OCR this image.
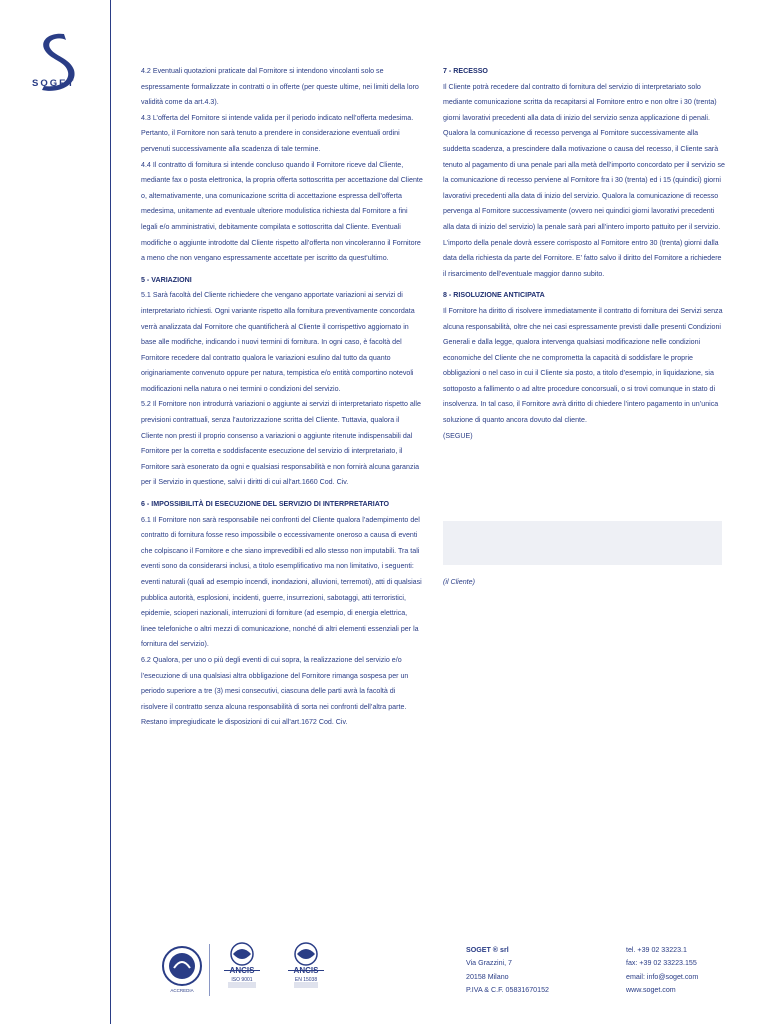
SOGET

4.2 Eventuali quotazioni praticate dal Fornitore si intendono vincolanti solo se espressamente formalizzate in contratti o in offerte (per queste ultime, nei limiti della loro validità come da art.4.3).

4.3 L’offerta del Fornitore si intende valida per il periodo indicato nell’offerta medesima. Pertanto, il Fornitore non sarà tenuto a prendere in considerazione eventuali ordini pervenuti successivamente alla scadenza di tale termine.

4.4 Il contratto di fornitura si intende concluso quando il Fornitore riceve dal Cliente, mediante fax o posta elettronica, la propria offerta sottoscritta per accettazione dal Cliente o, alternativamente, una comunicazione scritta di accettazione espressa dell’offerta medesima, unitamente ad eventuale ulteriore modulistica richiesta dal Fornitore a fini legali e/o amministrativi, debitamente compilata e sottoscritta dal Cliente. Eventuali modifiche o aggiunte introdotte dal Cliente rispetto all’offerta non vincoleranno il Fornitore a meno che non vengano espressamente accettate per iscritto da quest’ultimo.

5 - VARIAZIONI

5.1 Sarà facoltà del Cliente richiedere che vengano apportate variazioni ai servizi di interpretariato richiesti. Ogni variante rispetto alla fornitura preventivamente concordata verrà analizzata dal Fornitore che quantificherà al Cliente il corrispettivo aggiornato in base alle modifiche, indicando i nuovi termini di fornitura. In ogni caso, è facoltà del Fornitore recedere dal contratto qualora le variazioni esulino dal tutto da quanto originariamente convenuto oppure per natura, tempistica e/o entità comportino notevoli modificazioni nella natura o nei termini o condizioni del servizio.

5.2 Il Fornitore non introdurrà variazioni o aggiunte ai servizi di interpretariato rispetto alle previsioni contrattuali, senza l’autorizzazione scritta del Cliente. Tuttavia, qualora il Cliente non presti il proprio consenso a variazioni o aggiunte ritenute indispensabili dal Fornitore per la corretta e soddisfacente esecuzione del servizio di interpretariato, il Fornitore sarà esonerato da ogni e qualsiasi responsabilità e non fornirà alcuna garanzia per il Servizio in questione, salvi i diritti di cui all’art.1660 Cod. Civ.

6 - IMPOSSIBILITÀ DI ESECUZIONE DEL SERVIZIO DI INTERPRETARIATO

6.1 Il Fornitore non sarà responsabile nei confronti del Cliente qualora l’adempimento del contratto di fornitura fosse reso impossibile o eccessivamente oneroso a causa di eventi che colpiscano il Fornitore e che siano imprevedibili ed allo stesso non imputabili. Tra tali eventi sono da considerarsi inclusi, a titolo esemplificativo ma non limitativo, i seguenti: eventi naturali (quali ad esempio incendi, inondazioni, alluvioni, terremoti), atti di qualsiasi pubblica autorità, esplosioni, incidenti, guerre, insurrezioni, sabotaggi, atti terroristici, epidemie, scioperi nazionali, interruzioni di forniture (ad esempio, di energia elettrica, linee telefoniche o altri mezzi di comunicazione, nonché di altri elementi essenziali per la fornitura del servizio).

6.2 Qualora, per uno o più degli eventi di cui sopra, la realizzazione del servizio e/o l’esecuzione di una qualsiasi altra obbligazione del Fornitore rimanga sospesa per un periodo superiore a tre (3) mesi consecutivi, ciascuna delle parti avrà la facoltà di risolvere il contratto senza alcuna responsabilità di sorta nei confronti dell’altra parte.

Restano impregiudicate le disposizioni di cui all’art.1672 Cod. Civ.

7 - RECESSO

Il Cliente potrà recedere dal contratto di fornitura del servizio di interpretariato solo mediante comunicazione scritta da recapitarsi al Fornitore entro e non oltre i 30 (trenta) giorni lavorativi precedenti alla data di inizio del servizio senza applicazione di penali. Qualora la comunicazione di recesso pervenga al Fornitore successivamente alla suddetta scadenza, a prescindere dalla motivazione o causa del recesso, il Cliente sarà tenuto al pagamento di una penale pari alla metà dell’importo concordato per il servizio se la comunicazione di recesso perviene al Fornitore fra i 30 (trenta) ed i 15 (quindici) giorni lavorativi precedenti alla data di inizio del servizio. Qualora la comunicazione di recesso pervenga al Fornitore successivamente (ovvero nei quindici giorni lavorativi precedenti alla data di inizio del servizio) la penale sarà pari all’intero importo pattuito per il servizio. L’importo della penale dovrà essere corrisposto al Fornitore entro 30 (trenta) giorni dalla data della richiesta da parte del Fornitore. E’ fatto salvo il diritto del Fornitore a richiedere il risarcimento dell’eventuale maggior danno subito.

8 - RISOLUZIONE ANTICIPATA

Il Fornitore ha diritto di risolvere immediatamente il contratto di fornitura dei Servizi senza alcuna responsabilità, oltre che nei casi espressamente previsti dalle presenti Condizioni Generali e dalla legge, qualora intervenga qualsiasi modificazione nelle condizioni economiche del Cliente che ne comprometta la capacità di soddisfare le proprie obbligazioni o nel caso in cui il Cliente sia posto, a titolo d’esempio, in liquidazione, sia sottoposto a fallimento o ad altre procedure concorsuali, o si trovi comunque in stato di insolvenza. In tal caso, il Fornitore avrà diritto di chiedere l’intero pagamento in un’unica soluzione di quanto ancora dovuto dal cliente.

(SEGUE)

(il Cliente)
ANCIS
ISO 9001
ANCIS
EN 15038
ACCREDIA
SOGET ® srl
Via Grazzini, 7
20158 Milano
P.IVA & C.F. 05831670152
tel. +39 02 33223.1
fax: +39 02 33223.155
email: info@soget.com
www.soget.com
